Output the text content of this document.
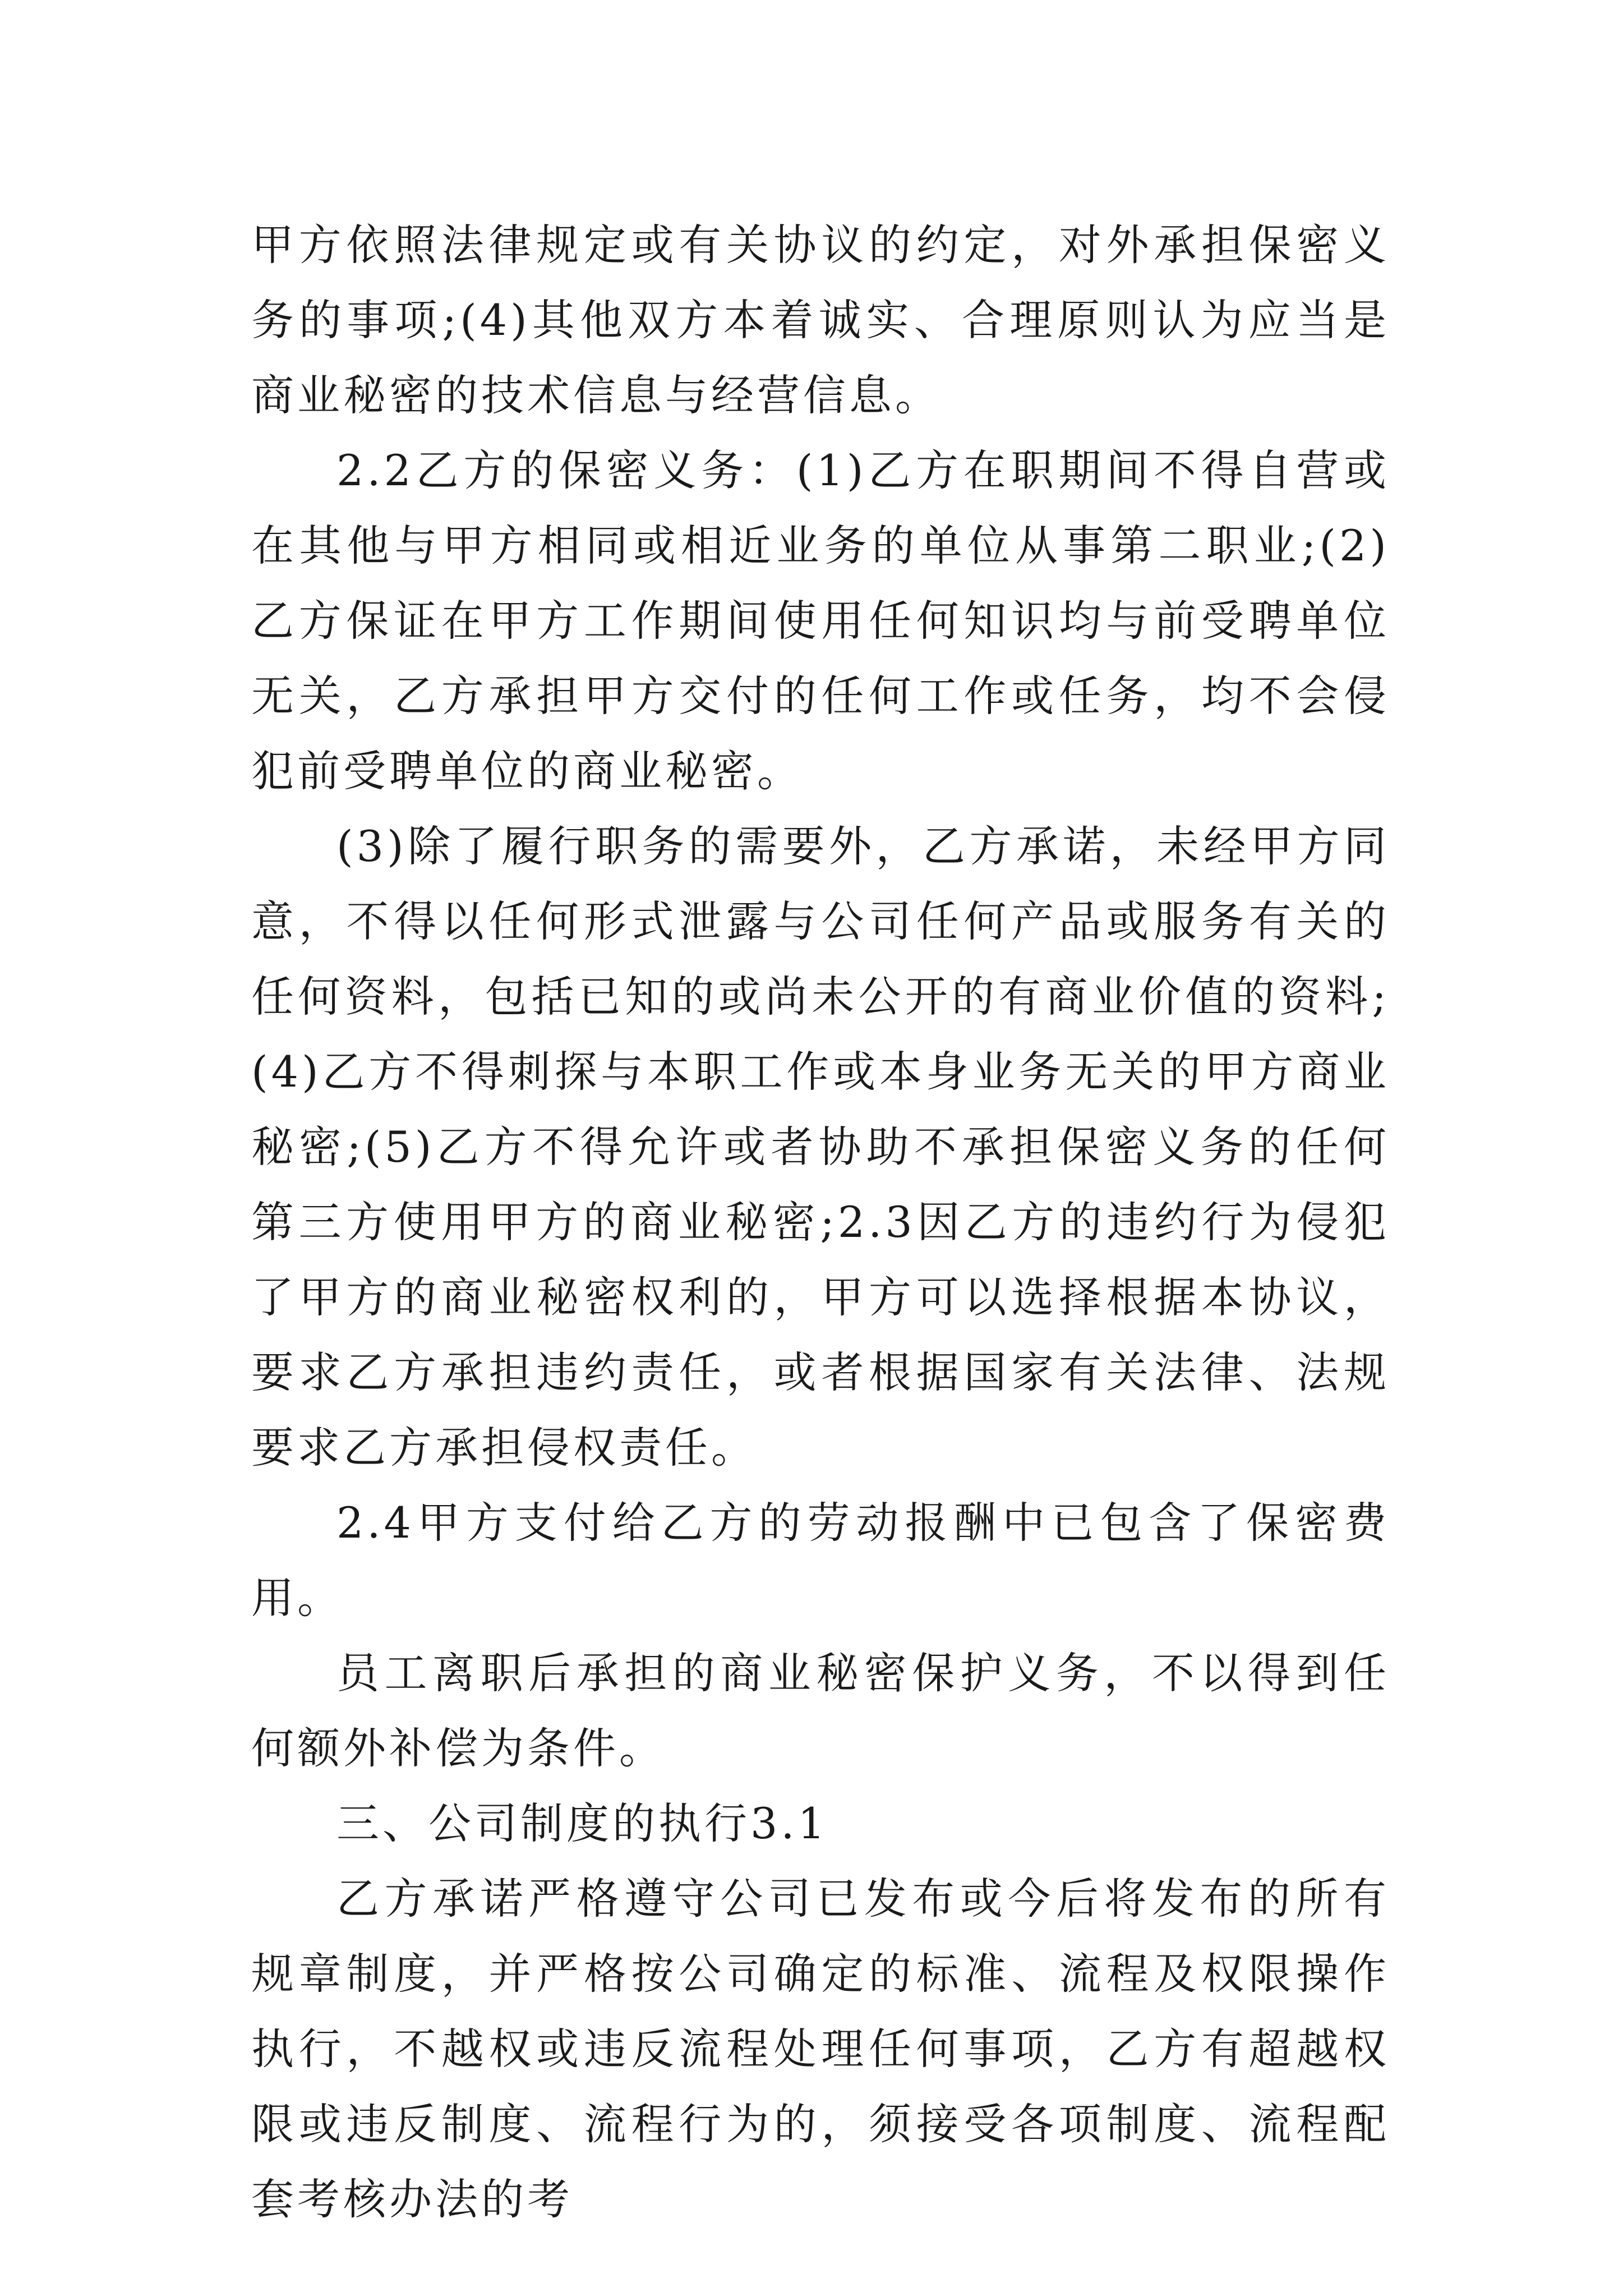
甲方依照法律规定或有关协议的约定，对外承担保密义务的事项;(4)其他双方本着诚实、合理原则认为应当是商业秘密的技术信息与经营信息。

2.2乙方的保密义务：(1)乙方在职期间不得自营或在其他与甲方相同或相近业务的单位从事第二职业;(2)乙方保证在甲方工作期间使用任何知识均与前受聘单位无关，乙方承担甲方交付的任何工作或任务，均不会侵犯前受聘单位的商业秘密。

(3)除了履行职务的需要外，乙方承诺，未经甲方同意，不得以任何形式泄露与公司任何产品或服务有关的任何资料，包括已知的或尚未公开的有商业价值的资料;(4)乙方不得刺探与本职工作或本身业务无关的甲方商业秘密;(5)乙方不得允许或者协助不承担保密义务的任何第三方使用甲方的商业秘密;2.3因乙方的违约行为侵犯了甲方的商业秘密权利的，甲方可以选择根据本协议，要求乙方承担违约责任，或者根据国家有关法律、法规要求乙方承担侵权责任。

2.4甲方支付给乙方的劳动报酬中已包含了保密费用。

员工离职后承担的商业秘密保护义务，不以得到任何额外补偿为条件。

三、公司制度的执行3.1

乙方承诺严格遵守公司已发布或今后将发布的所有规章制度，并严格按公司确定的标准、流程及权限操作执行，不越权或违反流程处理任何事项，乙方有超越权限或违反制度、流程行为的，须接受各项制度、流程配套考核办法的考
